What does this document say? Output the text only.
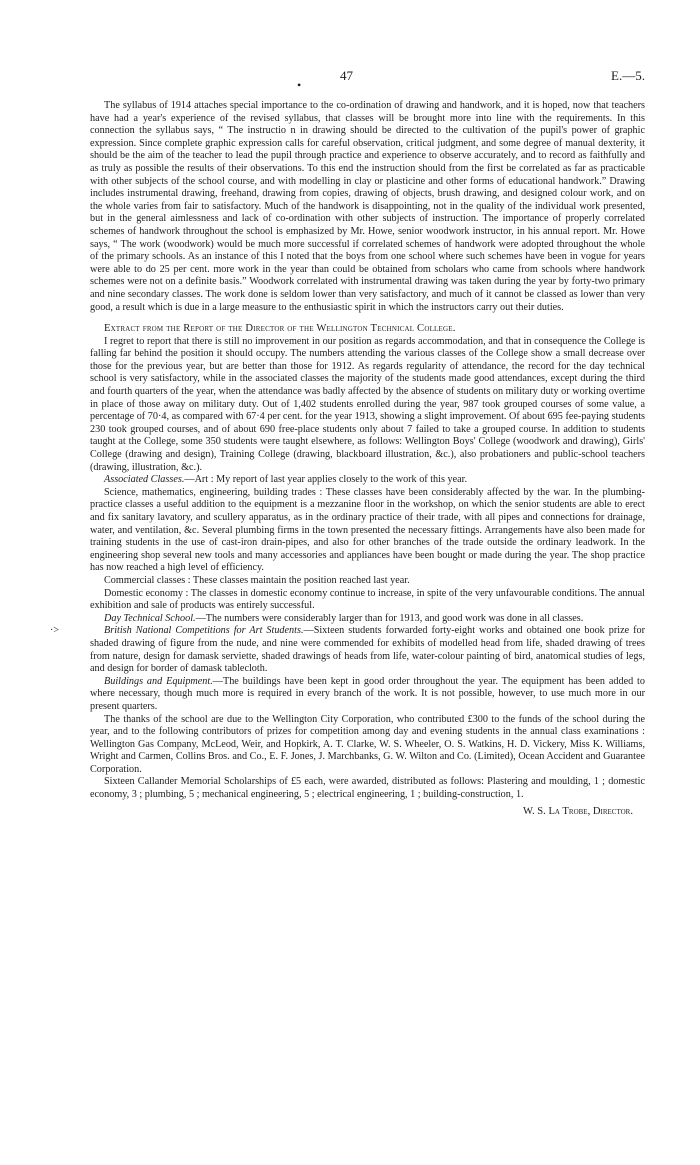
47
•
E.—5.
·>

The syllabus of 1914 attaches special importance to the co-ordination of drawing and handwork, and it is hoped, now that teachers have had a year's experience of the revised syllabus, that classes will be brought more into line with the requirements. In this connection the syllabus says, “ The instructio n in drawing should be directed to the cultivation of the pupil's power of graphic expression. Since complete graphic expression calls for careful observation, critical judgment, and some degree of manual dexterity, it should be the aim of the teacher to lead the pupil through practice and experience to observe accurately, and to record as faithfully and as truly as possible the results of their observations. To this end the instruction should from the first be correlated as far as practicable with other subjects of the school course, and with modelling in clay or plasticine and other forms of educational handwork.” Drawing includes instrumental drawing, freehand, drawing from copies, drawing of objects, brush drawing, and designed colour work, and on the whole varies from fair to satisfactory. Much of the handwork is disappointing, not in the quality of the individual work presented, but in the general aimlessness and lack of co-ordination with other subjects of instruction. The importance of properly correlated schemes of handwork throughout the school is emphasized by Mr. Howe, senior woodwork instructor, in his annual report. Mr. Howe says, “ The work (woodwork) would be much more successful if correlated schemes of handwork were adopted throughout the whole of the primary schools. As an instance of this I noted that the boys from one school where such schemes have been in vogue for years were able to do 25 per cent. more work in the year than could be obtained from scholars who came from schools where handwork schemes were not on a definite basis.” Woodwork correlated with instrumental drawing was taken during the year by forty-two primary and nine secondary classes. The work done is seldom lower than very satisfactory, and much of it cannot be classed as lower than very good, a result which is due in a large measure to the enthusiastic spirit in which the instructors carry out their duties.

Extract from the Report of the Director of the Wellington Technical College.

I regret to report that there is still no improvement in our position as regards accommodation, and that in consequence the College is falling far behind the position it should occupy. The numbers attending the various classes of the College show a small decrease over those for the previous year, but are better than those for 1912. As regards regularity of attendance, the record for the day technical school is very satisfactory, while in the associated classes the majority of the students made good attendances, except during the third and fourth quarters of the year, when the attendance was badly affected by the absence of students on military duty or working overtime in place of those away on military duty. Out of 1,402 students enrolled during the year, 987 took grouped courses of some value, a percentage of 70·4, as compared with 67·4 per cent. for the year 1913, showing a slight improvement. Of about 695 fee-paying students 230 took grouped courses, and of about 690 free-place students only about 7 failed to take a grouped course. In addition to students taught at the College, some 350 students were taught elsewhere, as follows: Wellington Boys' College (woodwork and drawing), Girls' College (drawing and design), Training College (drawing, blackboard illustration, &c.), also probationers and public-school teachers (drawing, illustration, &c.).

Associated Classes.—Art : My report of last year applies closely to the work of this year.

Science, mathematics, engineering, building trades : These classes have been considerably affected by the war. In the plumbing-practice classes a useful addition to the equipment is a mezzanine floor in the workshop, on which the senior students are able to erect and fix sanitary lavatory, and scullery apparatus, as in the ordinary practice of their trade, with all pipes and connections for drainage, water, and ventilation, &c. Several plumbing firms in the town presented the necessary fittings. Arrangements have also been made for training students in the use of cast-iron drain-pipes, and also for other branches of the trade outside the ordinary leadwork. In the engineering shop several new tools and many accessories and appliances have been bought or made during the year. The shop practice has now reached a high level of efficiency.

Commercial classes : These classes maintain the position reached last year.

Domestic economy : The classes in domestic economy continue to increase, in spite of the very unfavourable conditions. The annual exhibition and sale of products was entirely successful.

Day Technical School.—The numbers were considerably larger than for 1913, and good work was done in all classes.

British National Competitions for Art Students.—Sixteen students forwarded forty-eight works and obtained one book prize for shaded drawing of figure from the nude, and nine were commended for exhibits of modelled head from life, shaded drawing of trees from nature, design for damask serviette, shaded drawings of heads from life, water-colour painting of bird, anatomical studies of legs, and design for border of damask tablecloth.

Buildings and Equipment.—The buildings have been kept in good order throughout the year. The equipment has been added to where necessary, though much more is required in every branch of the work. It is not possible, however, to use much more in our present quarters.

The thanks of the school are due to the Wellington City Corporation, who contributed £300 to the funds of the school during the year, and to the following contributors of prizes for competition among day and evening students in the annual class examinations : Wellington Gas Company, McLeod, Weir, and Hopkirk, A. T. Clarke, W. S. Wheeler, O. S. Watkins, H. D. Vickery, Miss K. Williams, Wright and Carmen, Collins Bros. and Co., E. F. Jones, J. Marchbanks, G. W. Wilton and Co. (Limited), Ocean Accident and Guarantee Corporation.

Sixteen Callander Memorial Scholarships of £5 each, were awarded, distributed as follows: Plastering and moulding, 1 ; domestic economy, 3 ; plumbing, 5 ; mechanical engineering, 5 ; electrical engineering, 1 ; building-construction, 1.

W. S. La Trobe, Director.
